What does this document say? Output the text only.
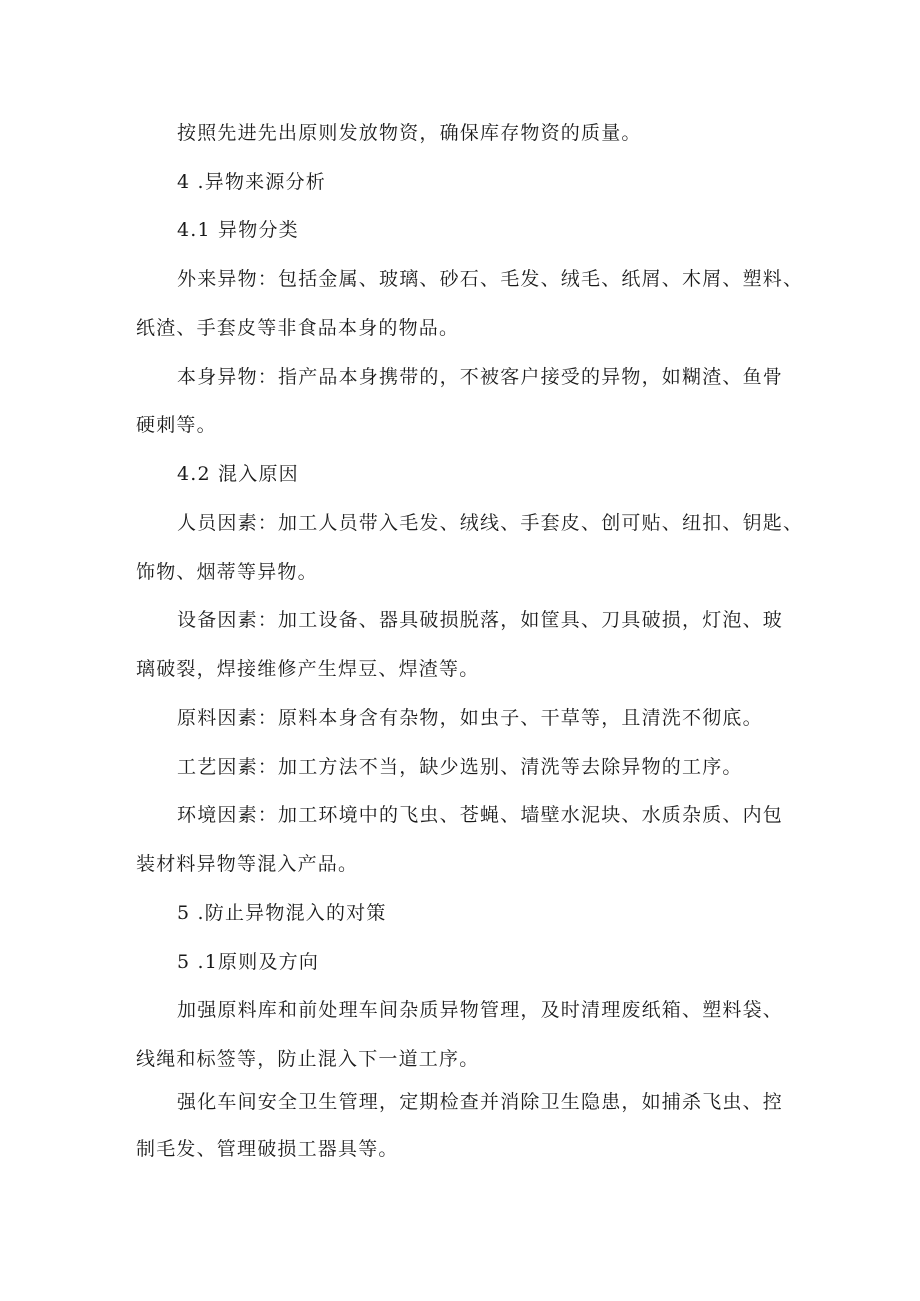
按照先进先出原则发放物资，确保库存物资的质量。
4 .异物来源分析
4.1 异物分类
外来异物：包括金属、玻璃、砂石、毛发、绒毛、纸屑、木屑、塑料、
纸渣、手套皮等非食品本身的物品。
本身异物：指产品本身携带的，不被客户接受的异物，如糊渣、鱼骨
硬刺等。
4.2 混入原因
人员因素：加工人员带入毛发、绒线、手套皮、创可贴、纽扣、钥匙、
饰物、烟蒂等异物。
设备因素：加工设备、器具破损脱落，如筐具、刀具破损，灯泡、玻
璃破裂，焊接维修产生焊豆、焊渣等。
原料因素：原料本身含有杂物，如虫子、干草等，且清洗不彻底。
工艺因素：加工方法不当，缺少选别、清洗等去除异物的工序。
环境因素：加工环境中的飞虫、苍蝇、墙壁水泥块、水质杂质、内包
装材料异物等混入产品。
5 .防止异物混入的对策
5 .1原则及方向
加强原料库和前处理车间杂质异物管理，及时清理废纸箱、塑料袋、
线绳和标签等，防止混入下一道工序。
强化车间安全卫生管理，定期检查并消除卫生隐患，如捕杀飞虫、控
制毛发、管理破损工器具等。
